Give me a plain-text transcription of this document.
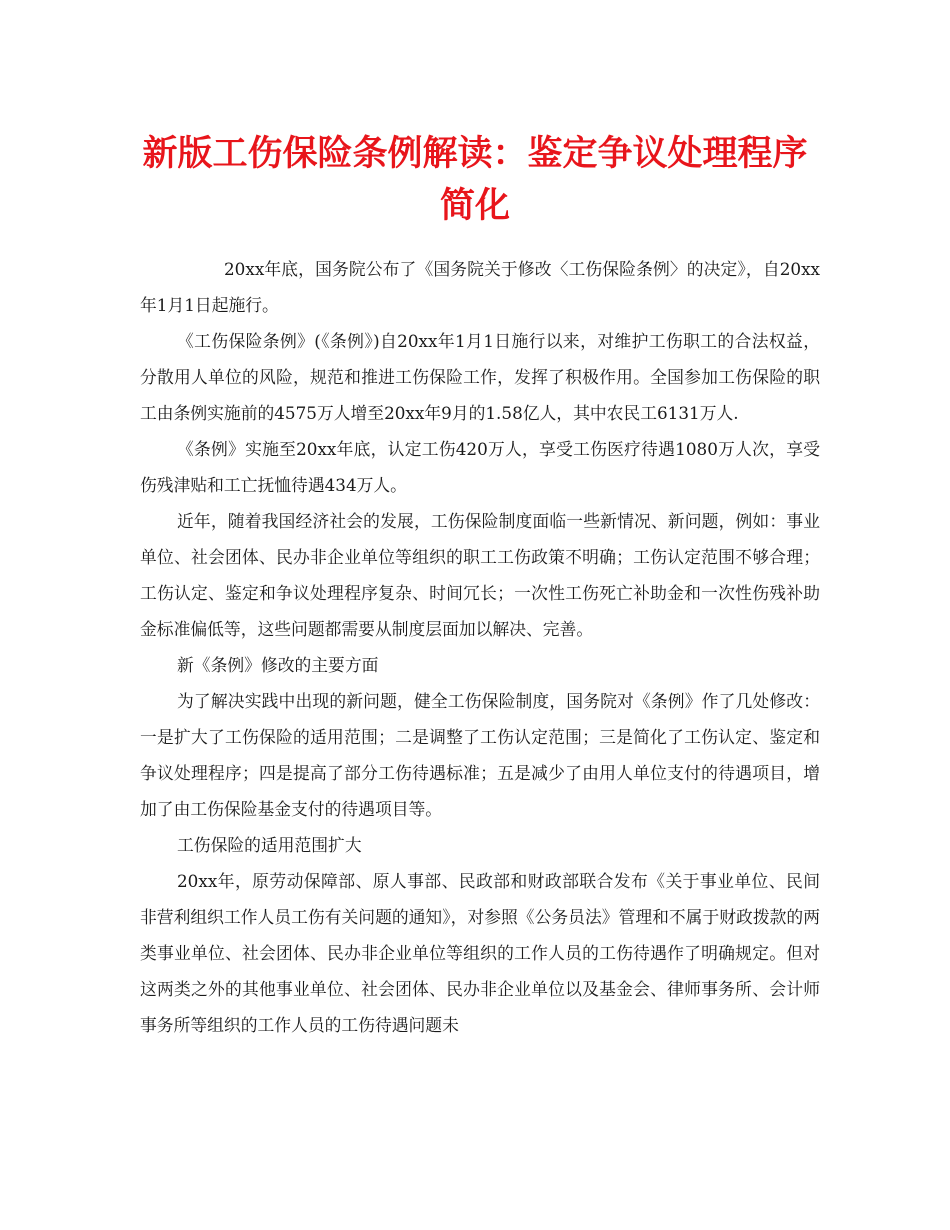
新版工伤保险条例解读：鉴定争议处理程序简化

20xx年底，国务院公布了《国务院关于修改〈工伤保险条例〉的决定》，自20xx年1月1日起施行。

《工伤保险条例》(《条例》)自20xx年1月1日施行以来，对维护工伤职工的合法权益，分散用人单位的风险，规范和推进工伤保险工作，发挥了积极作用。全国参加工伤保险的职工由条例实施前的4575万人增至20xx年9月的1.58亿人，其中农民工6131万人.

《条例》实施至20xx年底，认定工伤420万人，享受工伤医疗待遇1080万人次，享受伤残津贴和工亡抚恤待遇434万人。

近年，随着我国经济社会的发展，工伤保险制度面临一些新情况、新问题，例如：事业单位、社会团体、民办非企业单位等组织的职工工伤政策不明确；工伤认定范围不够合理；工伤认定、鉴定和争议处理程序复杂、时间冗长；一次性工伤死亡补助金和一次性伤残补助金标准偏低等，这些问题都需要从制度层面加以解决、完善。

新《条例》修改的主要方面

为了解决实践中出现的新问题，健全工伤保险制度，国务院对《条例》作了几处修改：一是扩大了工伤保险的适用范围；二是调整了工伤认定范围；三是简化了工伤认定、鉴定和争议处理程序；四是提高了部分工伤待遇标准；五是减少了由用人单位支付的待遇项目，增加了由工伤保险基金支付的待遇项目等。

工伤保险的适用范围扩大

20xx年，原劳动保障部、原人事部、民政部和财政部联合发布《关于事业单位、民间非营利组织工作人员工伤有关问题的通知》，对参照《公务员法》管理和不属于财政拨款的两类事业单位、社会团体、民办非企业单位等组织的工作人员的工伤待遇作了明确规定。但对这两类之外的其他事业单位、社会团体、民办非企业单位以及基金会、律师事务所、会计师事务所等组织的工作人员的工伤待遇问题未
